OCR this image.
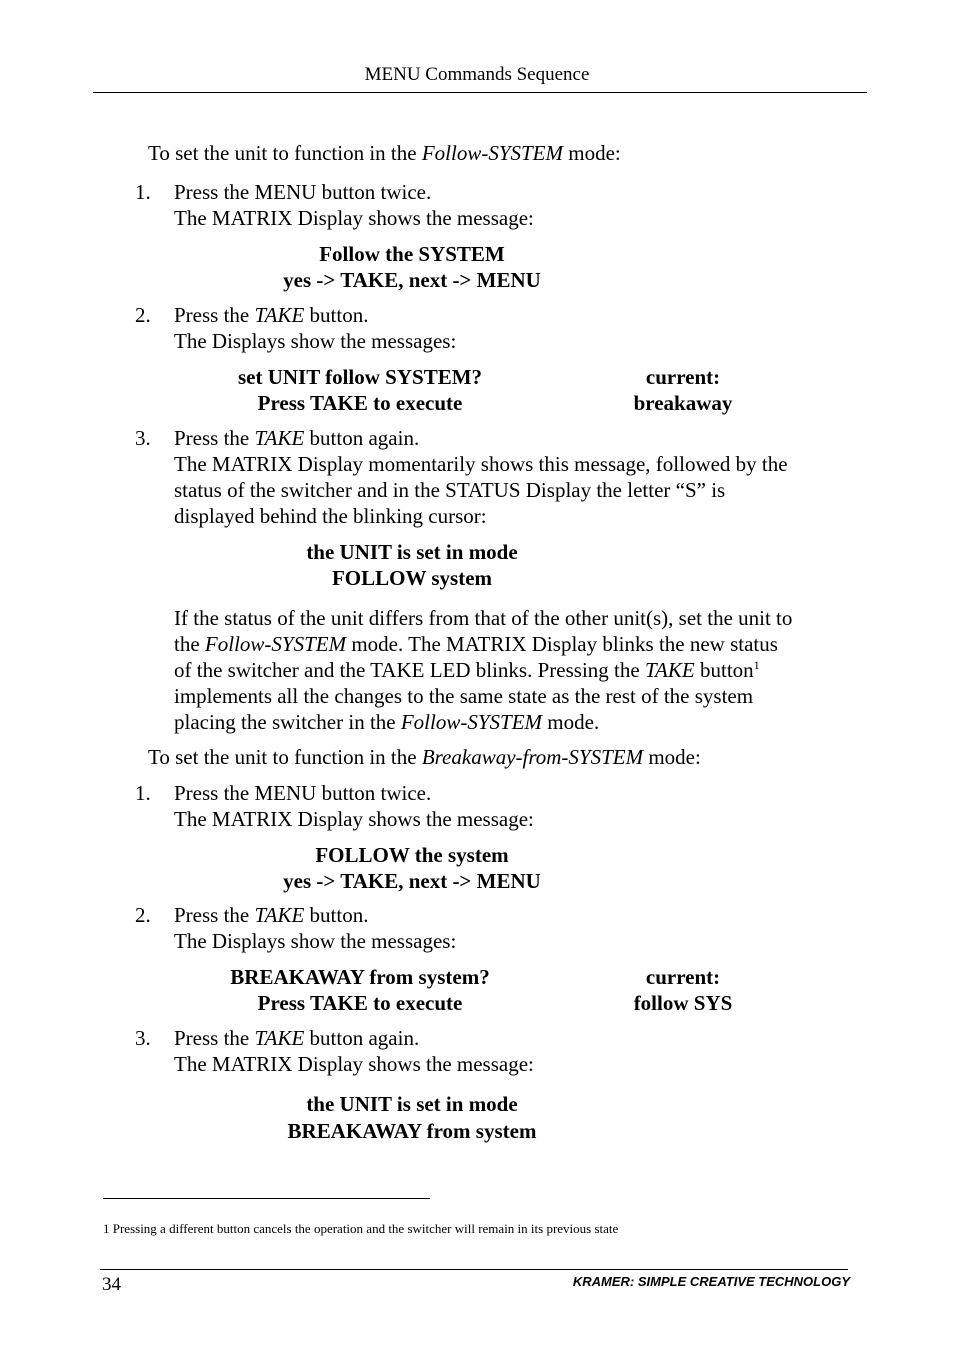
MENU Commands Sequence
To set the unit to function in the Follow-SYSTEM mode:
1. Press the MENU button twice.
The MATRIX Display shows the message:
Follow the SYSTEM
yes -> TAKE, next -> MENU
2. Press the TAKE button.
The Displays show the messages:
set UNIT follow SYSTEM?
Press TAKE to execute
current:
breakaway
3. Press the TAKE button again.
The MATRIX Display momentarily shows this message, followed by the
status of the switcher and in the STATUS Display the letter “S” is
displayed behind the blinking cursor:
the UNIT is set in mode
FOLLOW system
If the status of the unit differs from that of the other unit(s), set the unit to
the Follow-SYSTEM mode. The MATRIX Display blinks the new status
of the switcher and the TAKE LED blinks. Pressing the TAKE button$^1$
implements all the changes to the same state as the rest of the system
placing the switcher in the Follow-SYSTEM mode.
To set the unit to function in the Breakaway-from-SYSTEM mode:
1. Press the MENU button twice.
The MATRIX Display shows the message:
FOLLOW the system
yes -> TAKE, next -> MENU
2. Press the TAKE button.
The Displays show the messages:
BREAKAWAY from system?
Press TAKE to execute
current:
follow SYS
3. Press the TAKE button again.
The MATRIX Display shows the message:
the UNIT is set in mode
BREAKAWAY from system
1 Pressing a different button cancels the operation and the switcher will remain in its previous state
34	KRAMER: SIMPLE CREATIVE TECHNOLOGY
